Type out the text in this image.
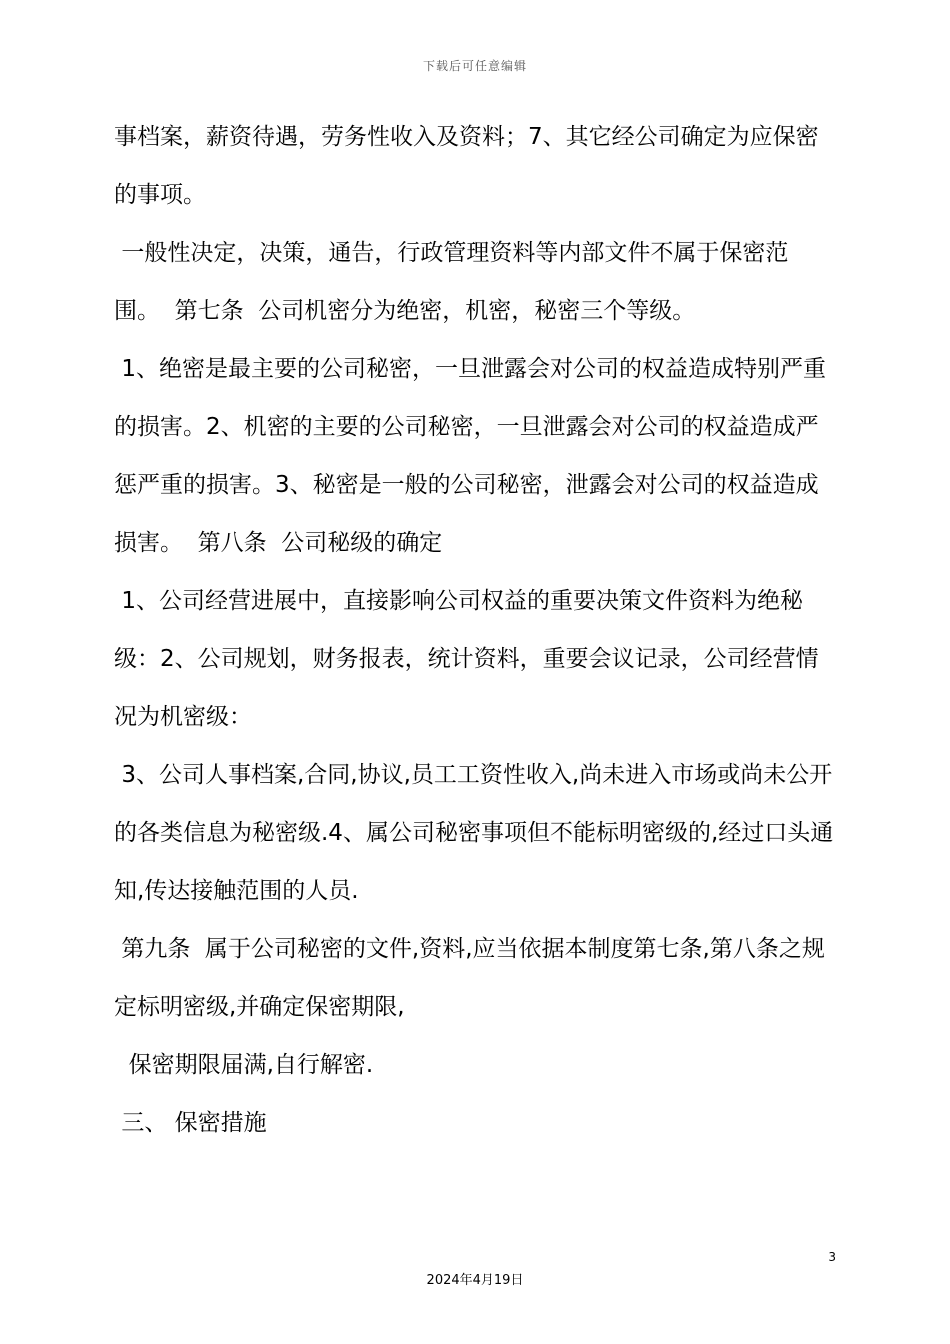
下载后可任意编辑

事档案，薪资待遇，劳务性收入及资料；7、其它经公司确定为应保密

的事项。

一般性决定，决策，通告，行政管理资料等内部文件不属于保密范

围。  第七条  公司机密分为绝密，机密，秘密三个等级。

1、绝密是最主要的公司秘密，一旦泄露会对公司的权益造成特别严重

的损害。2、机密的主要的公司秘密，一旦泄露会对公司的权益造成严

惩严重的损害。3、秘密是一般的公司秘密，泄露会对公司的权益造成

损害。  第八条  公司秘级的确定

1、公司经营进展中，直接影响公司权益的重要决策文件资料为绝秘

级：2、公司规划，财务报表，统计资料，重要会议记录，公司经营情

况为机密级：

3、公司人事档案,合同,协议,员工工资性收入,尚未进入市场或尚未公开

的各类信息为秘密级.4、属公司秘密事项但不能标明密级的,经过口头通

知,传达接触范围的人员.

第九条  属于公司秘密的文件,资料,应当依据本制度第七条,第八条之规

定标明密级,并确定保密期限,

保密期限届满,自行解密.

三、 保密措施

3
2024年4月19日
